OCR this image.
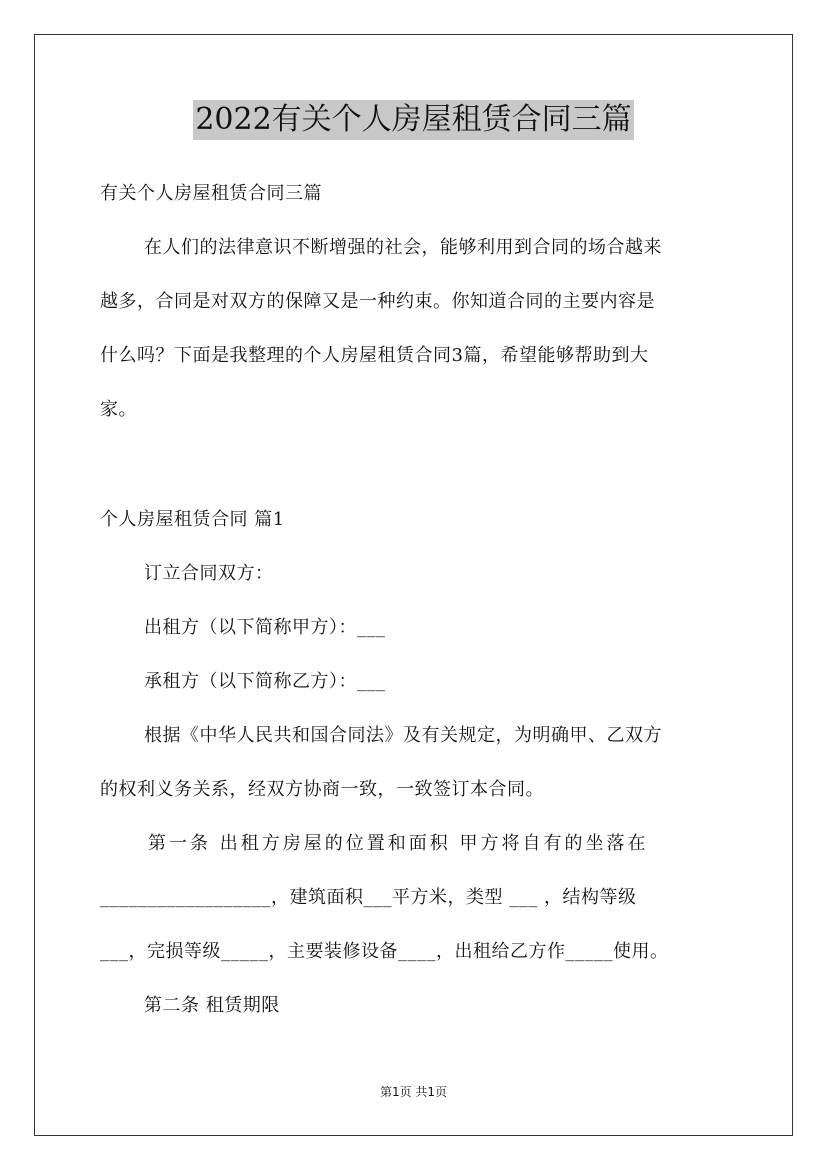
2022有关个人房屋租赁合同三篇
有关个人房屋租赁合同三篇
在人们的法律意识不断增强的社会，能够利用到合同的场合越来
越多，合同是对双方的保障又是一种约束。你知道合同的主要内容是
什么吗？下面是我整理的个人房屋租赁合同3篇，希望能够帮助到大
家。
个人房屋租赁合同 篇1
订立合同双方：
出租方（以下简称甲方）：___
承租方（以下简称乙方）：___
根据《中华人民共和国合同法》及有关规定，为明确甲、乙双方
的权利义务关系，经双方协商一致，一致签订本合同。
第一条 出租方房屋的位置和面积 甲方将自有的坐落在
__________________，建筑面积___平方米，类型 ___ ，结构等级
___，完损等级_____，主要装修设备____，出租给乙方作_____使用。
第二条 租赁期限
第1页 共1页
